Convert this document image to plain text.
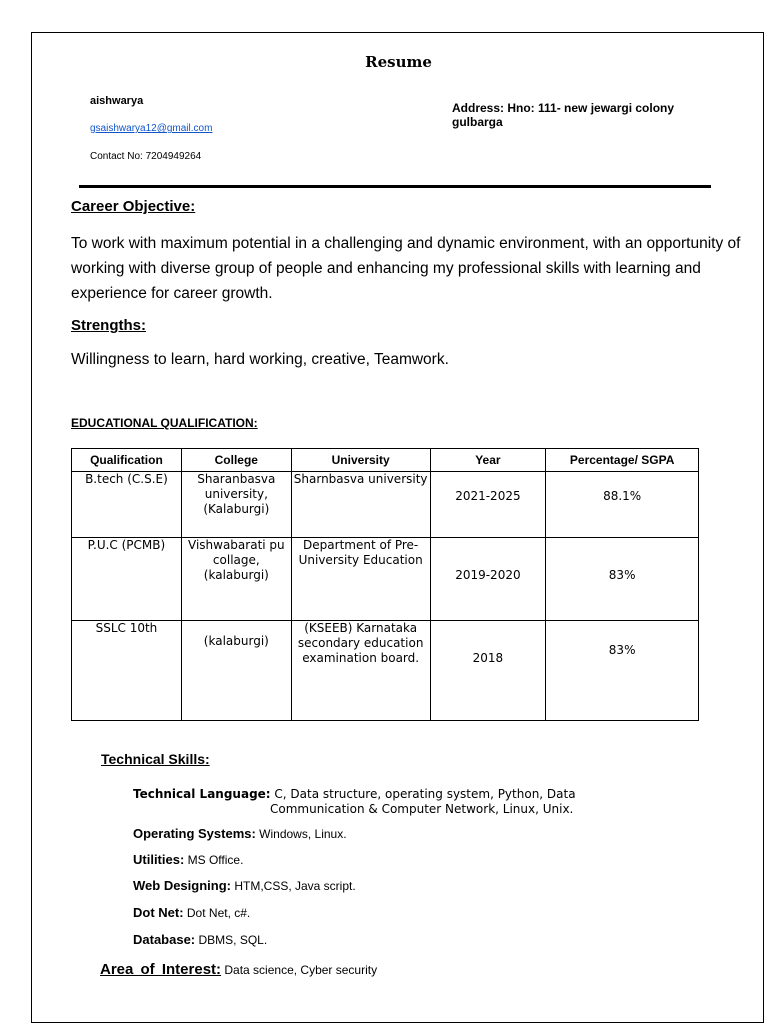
Resume
aishwarya
gsaishwarya12@gmail.com
Contact No: 7204949264
Address: Hno: 111- new jewargi colony gulbarga
Career Objective:
To work with maximum potential in a challenging and dynamic environment, with an opportunity of working with diverse group of people and enhancing my professional skills with learning and experience for career growth.
Strengths:
Willingness to learn, hard working, creative, Teamwork.
EDUCATIONAL QUALIFICATION:
Qualification	College	University	Year	Percentage/ SGPA
B.tech (C.S.E)	Sharanbasva university, (Kalaburgi)	Sharnbasva university	2021-2025	88.1%
P.U.C (PCMB)	Vishwabarati pu collage, (kalaburgi)	Department of Pre-University Education	2019-2020	83%
SSLC 10th	(kalaburgi)	(KSEEB) Karnataka secondary education examination board.	2018	83%
Technical Skills:
Technical Language: C, Data structure, operating system, Python, Data
Communication & Computer Network, Linux, Unix.
Operating Systems: Windows, Linux.
Utilities: MS Office.
Web Designing: HTM,CSS, Java script.
Dot Net: Dot Net, c#.
Database: DBMS, SQL.
Area of Interest: Data science, Cyber security
